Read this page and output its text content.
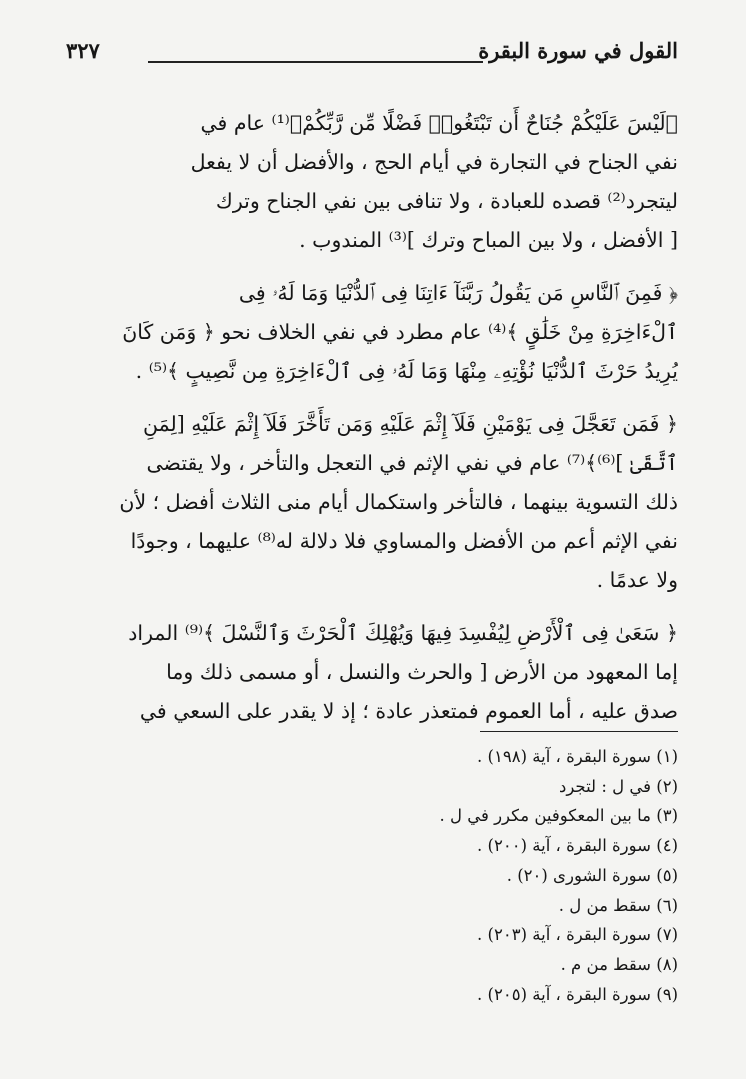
القول في سورة البقرة
٣٢٧

﴿لَيْسَ عَلَيْكُمْ جُنَاحٌ أَن تَبْتَغُوا۟ فَضْلًا مِّن رَّبِّكُمْ﴾⁽¹⁾ عام في
نفي الجناح في التجارة في أيام الحج ، والأفضل أن لا يفعل
ليتجرد⁽²⁾ قصده للعبادة ، ولا تنافى بين نفي الجناح وترك
[ الأفضل ، ولا بين المباح وترك ]⁽³⁾ المندوب .

﴿ فَمِنَ ٱلنَّاسِ مَن يَقُولُ رَبَّنَآ ءَاتِنَا فِى ٱلدُّنْيَا وَمَا لَهُۥ فِى
ٱلْءَاخِرَةِ مِنْ خَلَٰقٍ ﴾⁽⁴⁾ عام مطرد في نفي الخلاف نحو ﴿ وَمَن كَانَ
يُرِيدُ حَرْثَ ٱلدُّنْيَا نُؤْتِهِۦ مِنْهَا وَمَا لَهُۥ فِى ٱلْءَاخِرَةِ مِن نَّصِيبٍ ﴾⁽⁵⁾ .

﴿ فَمَن تَعَجَّلَ فِى يَوْمَيْنِ فَلَآ إِثْمَ عَلَيْهِ وَمَن تَأَخَّرَ فَلَآ إِثْمَ عَلَيْهِ [لِمَنِ
ٱتَّقَىٰ ]⁽⁶⁾﴾⁽⁷⁾ عام في نفي الإثم في التعجل والتأخر ، ولا يقتضى
ذلك التسوية بينهما ، فالتأخر واستكمال أيام منى الثلاث أفضل ؛ لأن
نفي الإثم أعم من الأفضل والمساوي فلا دلالة له⁽⁸⁾ عليهما ، وجودًا
ولا عدمًا .

﴿ سَعَىٰ فِى ٱلْأَرْضِ لِيُفْسِدَ فِيهَا وَيُهْلِكَ ٱلْحَرْثَ وَٱلنَّسْلَ ﴾⁽⁹⁾ المراد
إما المعهود من الأرض [ والحرث والنسل ، أو مسمى ذلك وما
صدق عليه ، أما العموم فمتعذر عادة ؛ إذ لا يقدر على السعي في

(١) سورة البقرة ، آية (١٩٨) .
(٢) في ل : لتجرد
(٣) ما بين المعكوفين مكرر في ل .
(٤) سورة البقرة ، آية (٢٠٠) .
(٥) سورة الشورى (٢٠) .
(٦) سقط من ل .
(٧) سورة البقرة ، آية (٢٠٣) .
(٨) سقط من م .
(٩) سورة البقرة ، آية (٢٠٥) .
